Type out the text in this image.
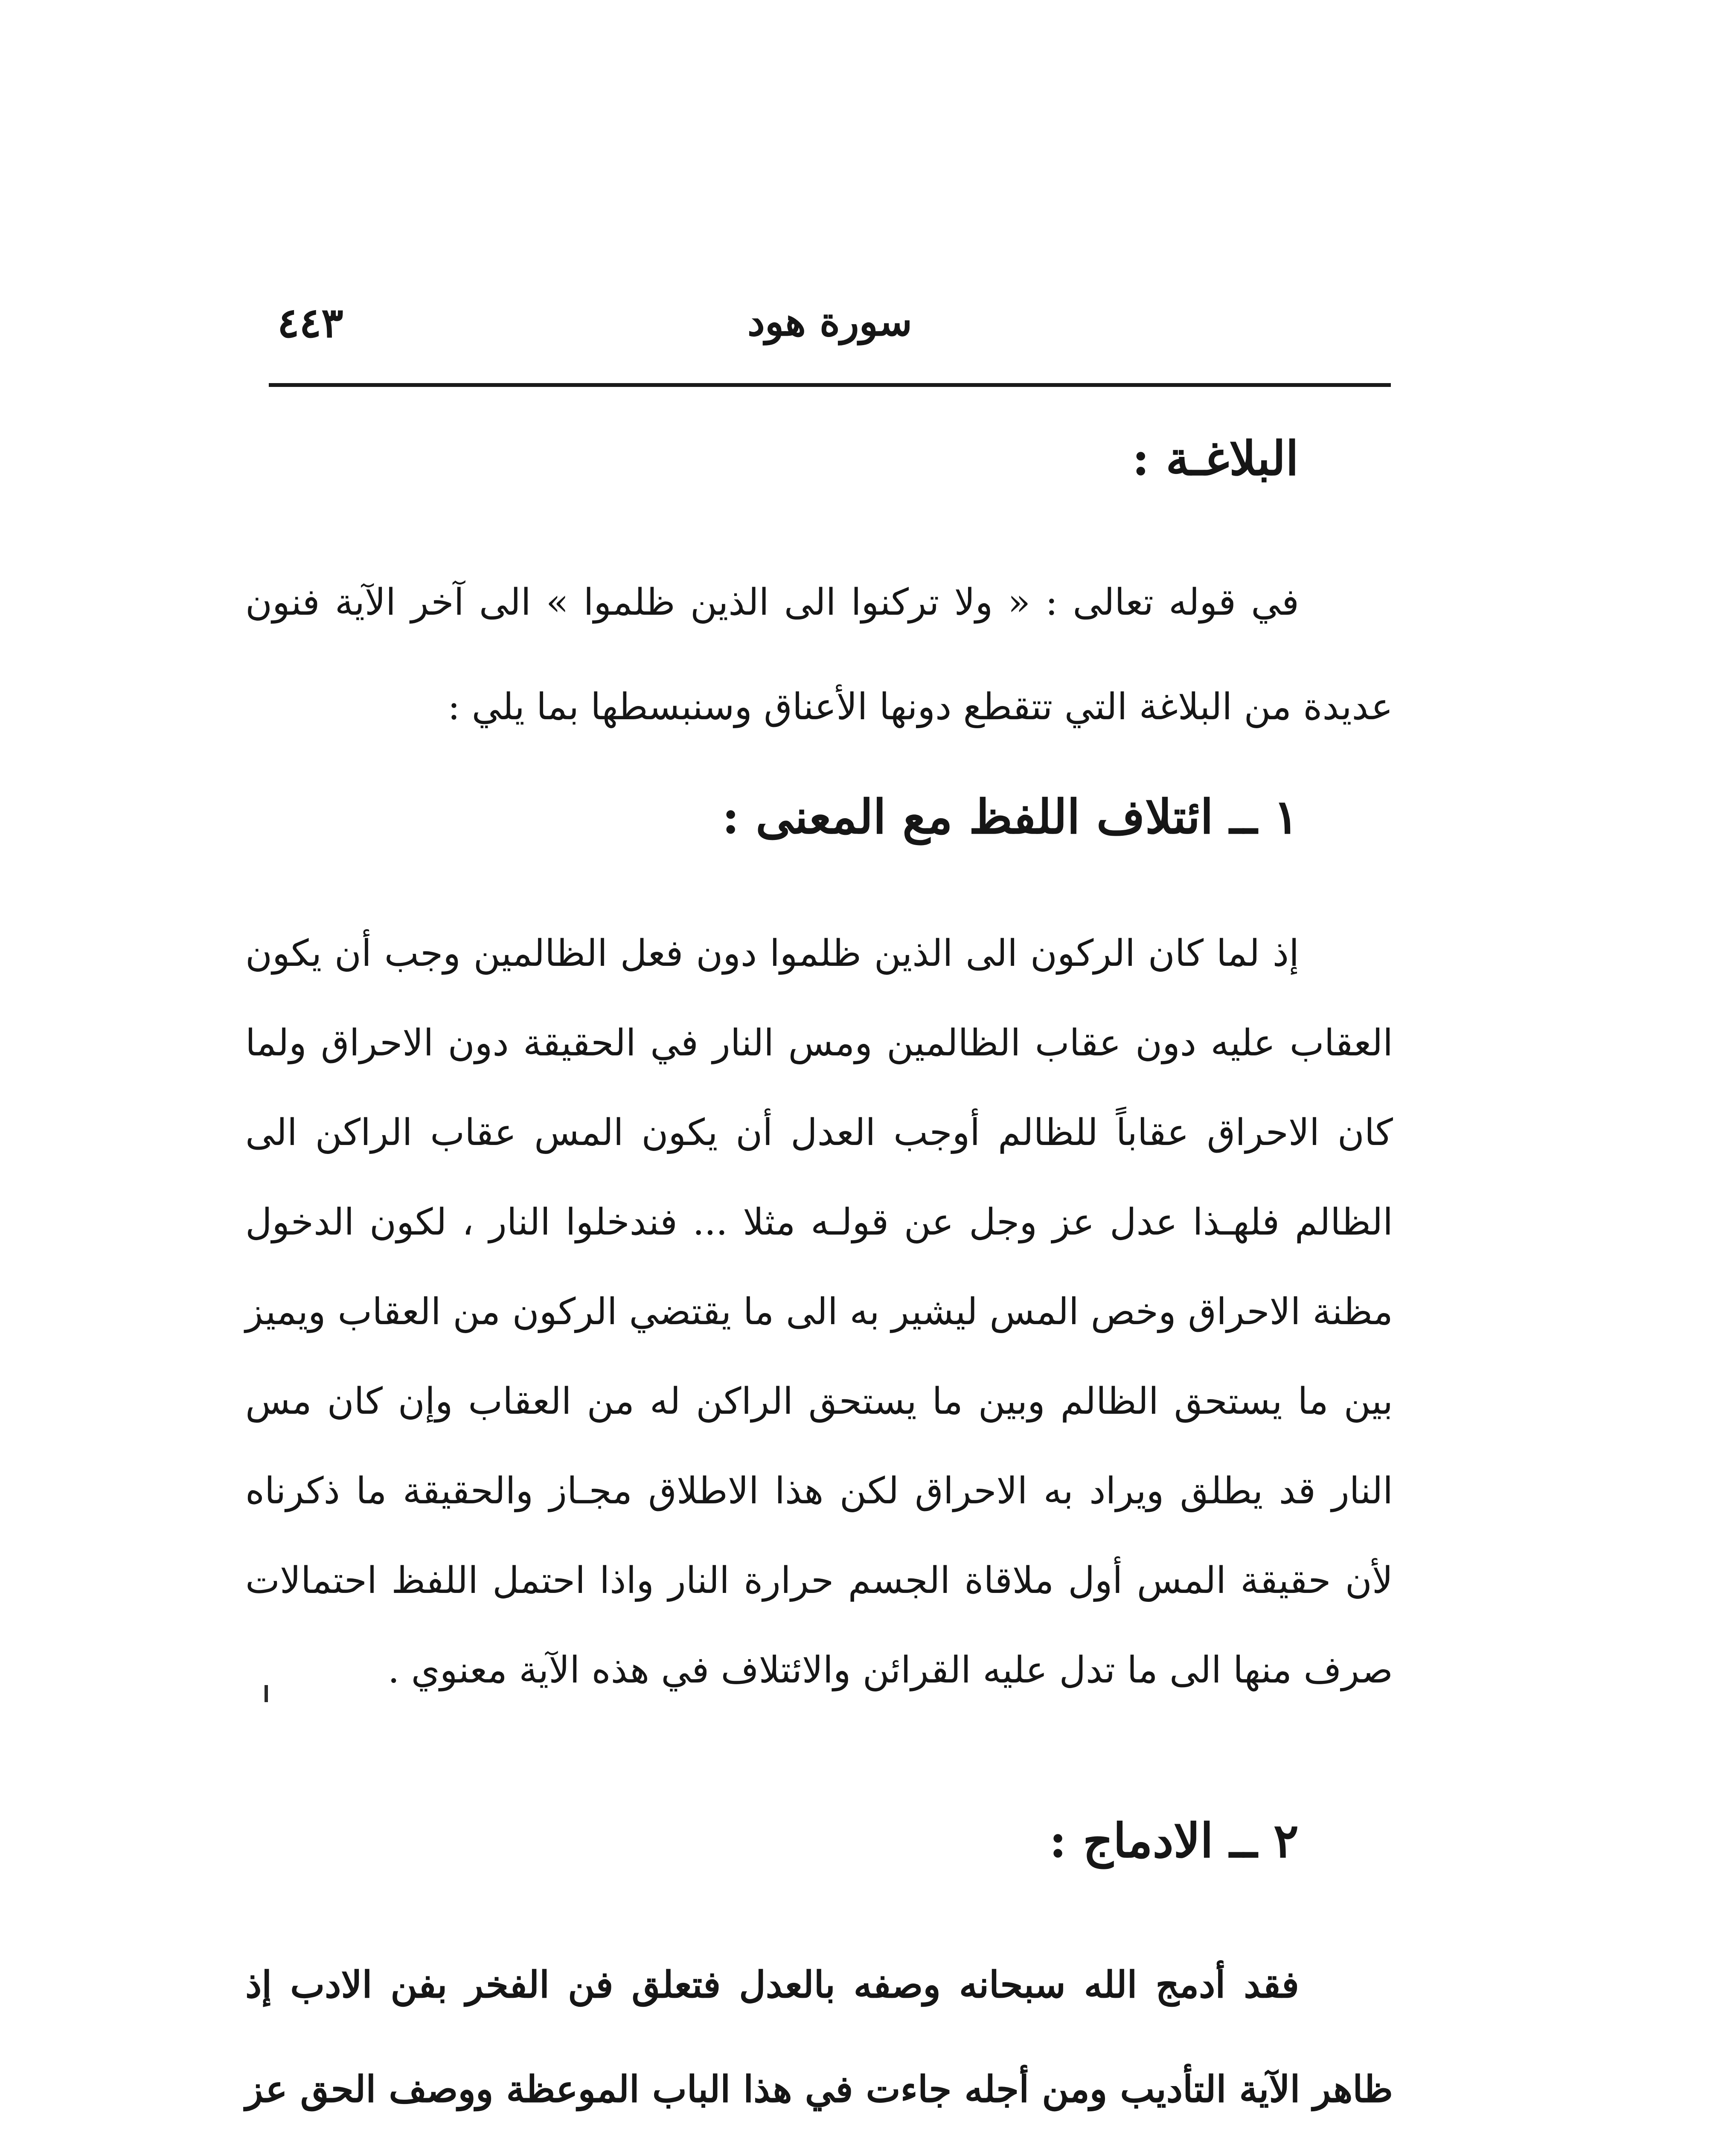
٤٤٣	سورة هود
البلاغـة :

في قوله تعالى : « ولا تركنوا الى الذين ظلموا » الى آخر الآية فنون عديدة من البلاغة التي تتقطع دونها الأعناق وسنبسطها بما يلي :

١ ــ ائتلاف اللفظ مع المعنى :

إذ لما كان الركون الى الذين ظلموا دون فعل الظالمين وجب أن يكون العقاب عليه دون عقاب الظالمين ومس النار في الحقيقة دون الاحراق ولما كان الاحراق عقاباً للظالم أوجب العدل أن يكون المس عقاب الراكن الى الظالم فلهـذا عدل عز وجل عن قولـه مثلا ... فندخلوا النار ، لكون الدخول مظنة الاحراق وخص المس ليشير به الى ما يقتضي الركون من العقاب ويميز بين ما يستحق الظالم وبين ما يستحق الراكن له من العقاب وإن كان مس النار قد يطلق ويراد به الاحراق لكن هذا الاطلاق مجـاز والحقيقة ما ذكرناه لأن حقيقة المس أول ملاقاة الجسم حرارة النار واذا احتمل اللفظ احتمالات صرف منها الى ما تدل عليه القرائن والائتلاف في هذه الآية معنوي .

٢ ــ الادماج :

فقد أدمج الله سبحانه وصفه بالعدل فتعلق فن الفخر بفن الادب إذ ظاهر الآية التأديب ومن أجله جاءت في هذا الباب الموعظة ووصف الحق عز
